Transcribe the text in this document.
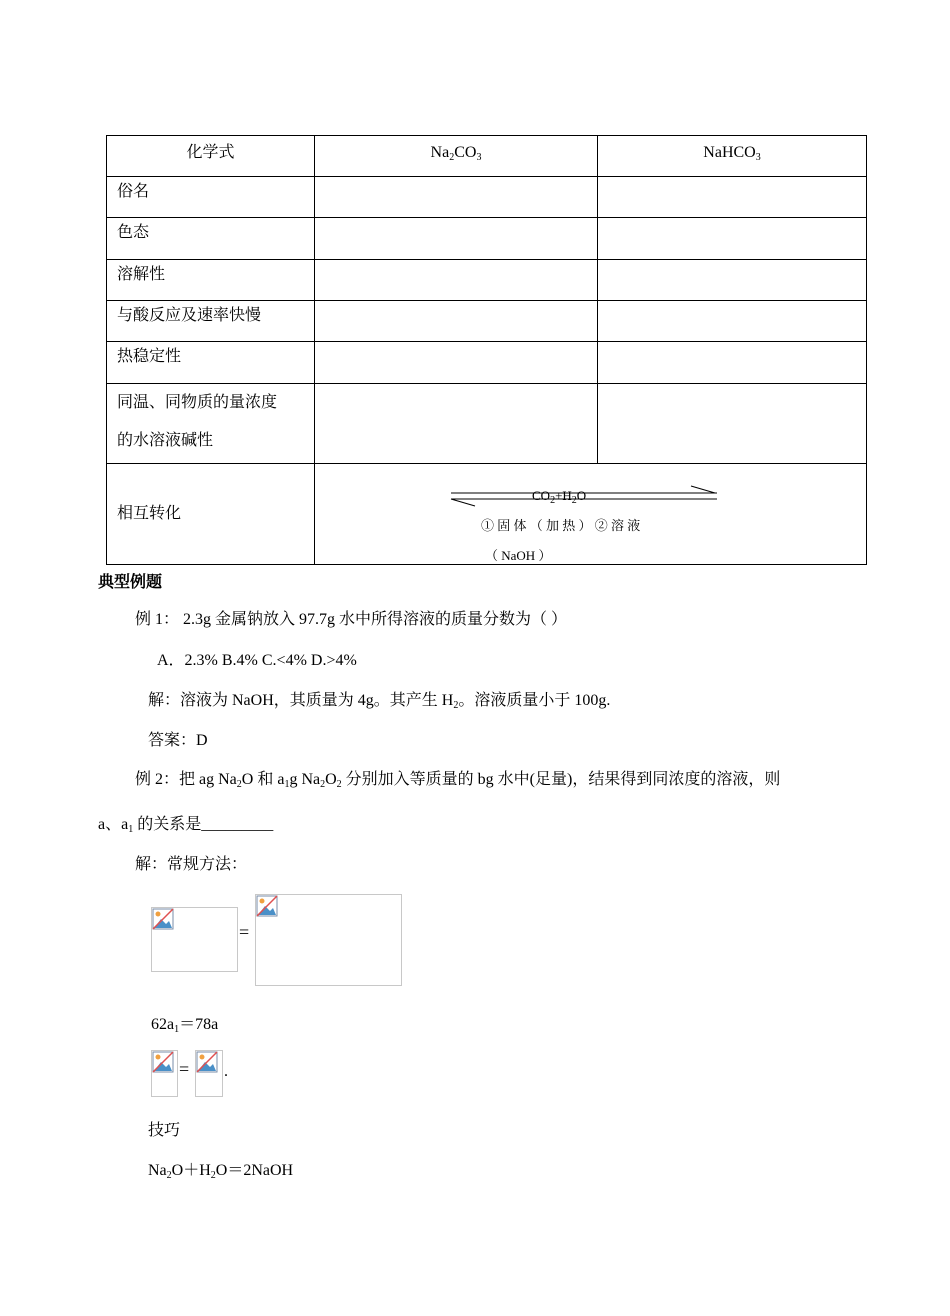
化学式	$Na_2CO_3$	NaHCO$_3$
俗名		
色态		
溶解性		
与酸反应及速率快慢		
热稳定性		
同温、同物质的量浓度
的水溶液碱性		
相互转化	$CO_2+H_2O$
① 固 体 （ 加 热 ） ② 溶 液
（ NaOH ）	
典型例题
例 1： 2.3g 金属钠放入 97.7g 水中所得溶液的质量分数为（ ）
A．2.3% B.4% C.<4% D.>4%
解：溶液为 NaOH，其质量为 4g。其产生 $H_2$。溶液质量小于 100g.
答案：D
例 2：把 ag $Na_2O$ 和 $a_1g$ $Na_2O_2$ 分别加入等质量的 bg 水中(足量)，结果得到同浓度的溶液，则
a、$a_1$ 的关系是_________
解：常规方法：
=
$62a_1=78a$
= .
技巧
$Na_2O+H_2O=2NaOH$
